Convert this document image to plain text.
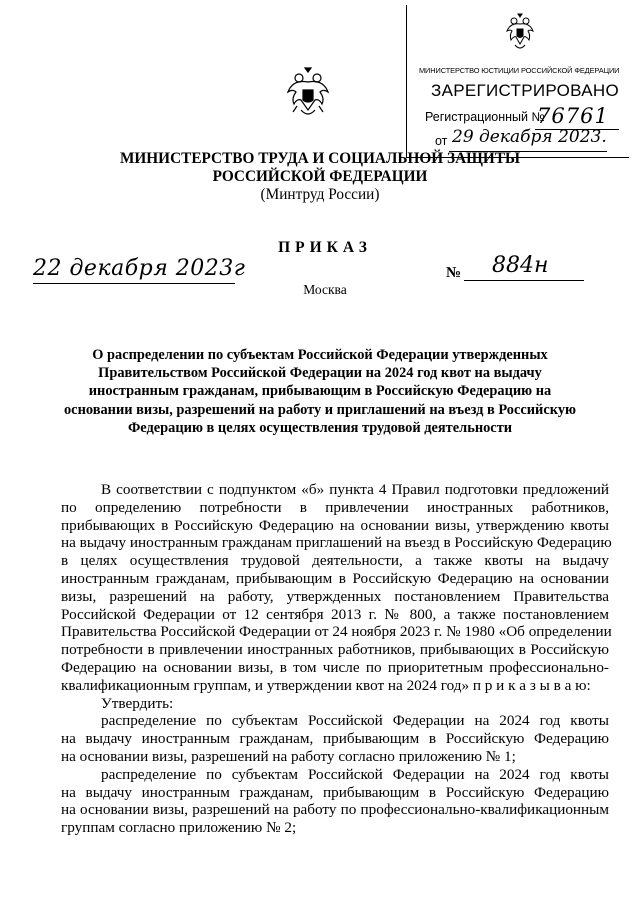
МИНИСТЕРСТВО ЮСТИЦИИ РОССИЙСКОЙ ФЕДЕРАЦИИ
ЗАРЕГИСТРИРОВАНО
Регистрационный №
76761
от 29 декабря 2023.
МИНИСТЕРСТВО ТРУДА И СОЦИАЛЬНОЙ ЗАЩИТЫ
РОССИЙСКОЙ ФЕДЕРАЦИИ
(Минтруд России)
ПРИКАЗ
22 декабря 2023г	№ 884н
Москва
О распределении по субъектам Российской Федерации утвержденных
Правительством Российской Федерации на 2024 год квот на выдачу
иностранным гражданам, прибывающим в Российскую Федерацию на
основании визы, разрешений на работу и приглашений на въезд в Российскую
Федерацию в целях осуществления трудовой деятельности
В соответствии с подпунктом «б» пункта 4 Правил подготовки предложений
по определению потребности в привлечении иностранных работников,
прибывающих в Российскую Федерацию на основании визы, утверждению квоты
на выдачу иностранным гражданам приглашений на въезд в Российскую Федерацию
в целях осуществления трудовой деятельности, а также квоты на выдачу
иностранным гражданам, прибывающим в Российскую Федерацию на основании
визы, разрешений на работу, утвержденных постановлением Правительства
Российской Федерации от 12 сентября 2013 г. № 800, а также постановлением
Правительства Российской Федерации от 24 ноября 2023 г. № 1980 «Об определении
потребности в привлечении иностранных работников, прибывающих в Российскую
Федерацию на основании визы, в том числе по приоритетным профессионально-
квалификационным группам, и утверждении квот на 2024 год» п р и к а з ы в а ю:
Утвердить:
распределение по субъектам Российской Федерации на 2024 год квоты
на выдачу иностранным гражданам, прибывающим в Российскую Федерацию
на основании визы, разрешений на работу согласно приложению № 1;
распределение по субъектам Российской Федерации на 2024 год квоты
на выдачу иностранным гражданам, прибывающим в Российскую Федерацию
на основании визы, разрешений на работу по профессионально-квалификационным
группам согласно приложению № 2;
